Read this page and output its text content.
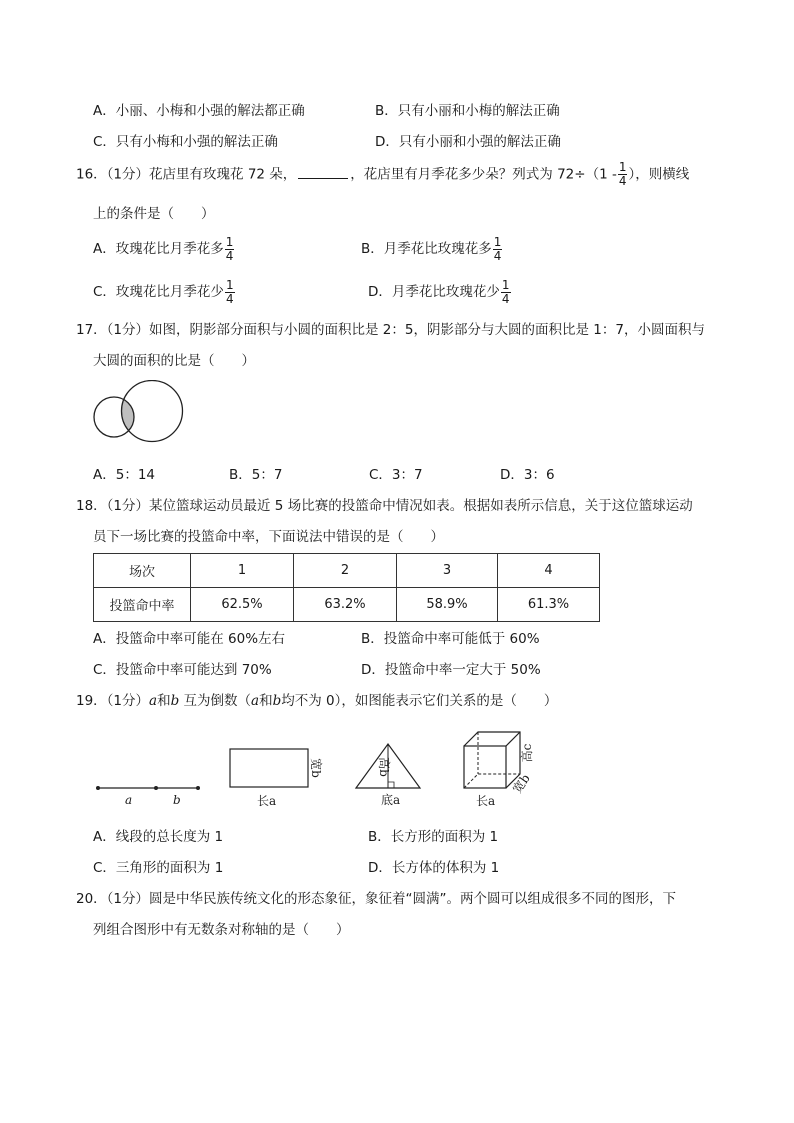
A．小丽、小梅和小强的解法都正确	B．只有小丽和小梅的解法正确
C．只有小梅和小强的解法正确	D．只有小丽和小强的解法正确
16．（1分）花店里有玫瑰花 72 朵，	，花店里有月季花多少朵？列式为 $72\div(1 - \frac{1}{4}$ ），则横线
上的条件是（　　）
A．玫瑰花比月季花多 $\frac{1}{4}$	B．月季花比玫瑰花多 $\frac{1}{4}$
C．玫瑰花比月季花少 $\frac{1}{4}$	D．月季花比玫瑰花少 $\frac{1}{4}$
17．（1分）如图，阴影部分面积与小圆的面积比是 2：5，阴影部分与大圆的面积比是 1：7，小圆面积与
大圆的面积的比是（　　）
A．5：14	B．5：7	C．3：7	D．3：6
18．（1分）某位篮球运动员最近 5 场比赛的投篮命中情况如表。根据如表所示信息，关于这位篮球运动
员下一场比赛的投篮命中率，下面说法中错误的是（　　）
场次	1	2	3	4
投篮命中率	62.5%	63.2%	58.9%	61.3%
A．投篮命中率可能在 60%左右	B．投篮命中率可能低于 60%
C．投篮命中率可能达到 70%	D．投篮命中率一定大于 50%
19．（1分）a和b 互为倒数（a和b均不为 0），如图能表示它们关系的是（　　）
a	b	长a
宽b
底a
高b
长a
宽b
高c
A．线段的总长度为 1	B．长方形的面积为 1
C．三角形的面积为 1	D．长方体的体积为 1
20．（1分）圆是中华民族传统文化的形态象征，象征着“圆满”。两个圆可以组成很多不同的图形，下
列组合图形中有无数条对称轴的是（　　）
